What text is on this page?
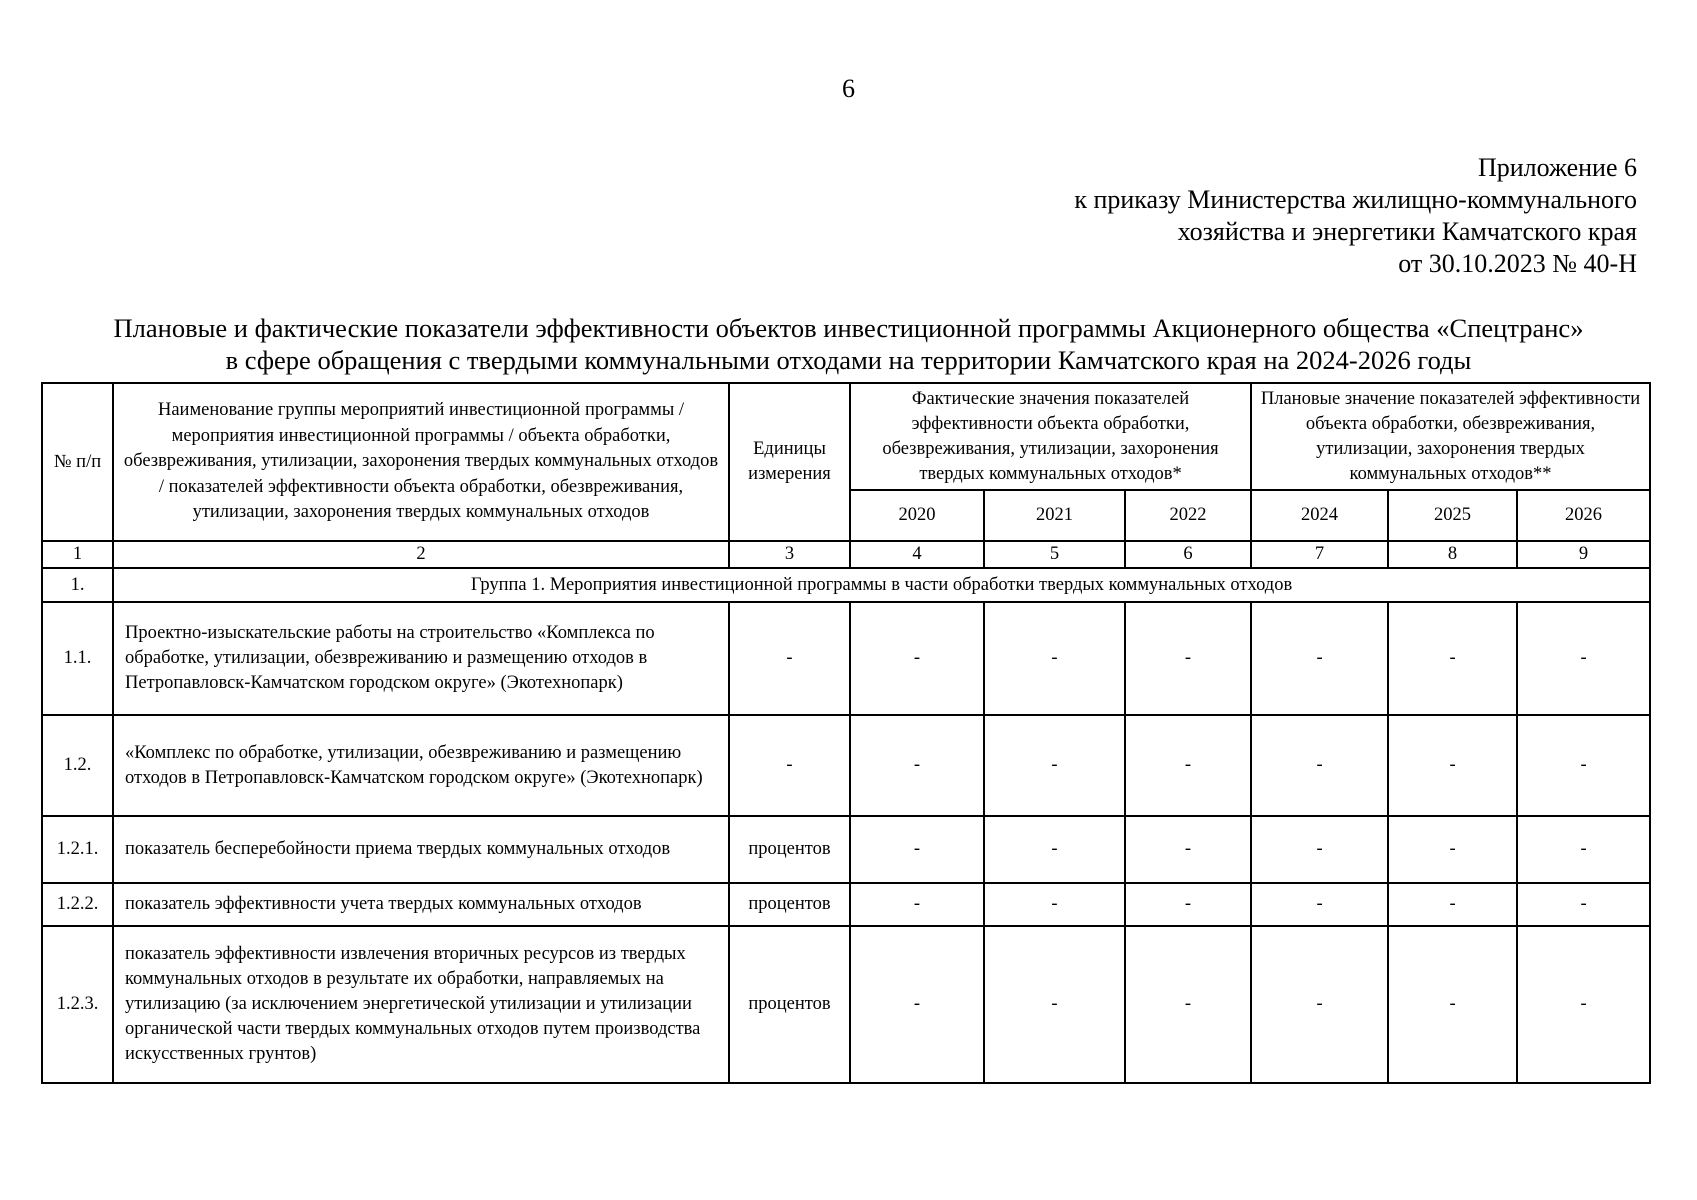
6
Приложение 6
к приказу Министерства жилищно-коммунального
хозяйства и энергетики Камчатского края
от 30.10.2023 № 40-Н
Плановые и фактические показатели эффективности объектов инвестиционной программы Акционерного общества «Спецтранс»
в сфере обращения с твердыми коммунальными отходами на территории Камчатского края на 2024-2026 годы
№ п/п	Наименование группы мероприятий инвестиционной программы / мероприятия инвестиционной программы / объекта обработки, обезвреживания, утилизации, захоронения твердых коммунальных отходов / показателей эффективности объекта обработки, обезвреживания, утилизации, захоронения твердых коммунальных отходов	Единицы измерения	Фактические значения показателей эффективности объекта обработки, обезвреживания, утилизации, захоронения твердых коммунальных отходов*			Плановые значение показателей эффективности объекта обработки, обезвреживания, утилизации, захоронения твердых коммунальных отходов**		
			2020	2021	2022	2024	2025	2026
1	2	3	4	5	6	7	8	9
1.	Группа 1. Мероприятия инвестиционной программы в части обработки твердых коммунальных отходов							
1.1.	Проектно-изыскательские работы на строительство «Комплекса по обработке, утилизации, обезвреживанию и размещению отходов в Петропавловск-Камчатском городском округе» (Экотехнопарк)	-	-	-	-	-	-	-
1.2.	«Комплекс по обработке, утилизации, обезвреживанию и размещению отходов в Петропавловск-Камчатском городском округе» (Экотехнопарк)	-	-	-	-	-	-	-
1.2.1.	показатель бесперебойности приема твердых коммунальных отходов	процентов	-	-	-	-	-	-
1.2.2.	показатель эффективности учета твердых коммунальных отходов	процентов	-	-	-	-	-	-
1.2.3.	показатель эффективности извлечения вторичных ресурсов из твердых коммунальных отходов в результате их обработки, направляемых на утилизацию (за исключением энергетической утилизации и утилизации органической части твердых коммунальных отходов путем производства искусственных грунтов)	процентов	-	-	-	-	-	-
